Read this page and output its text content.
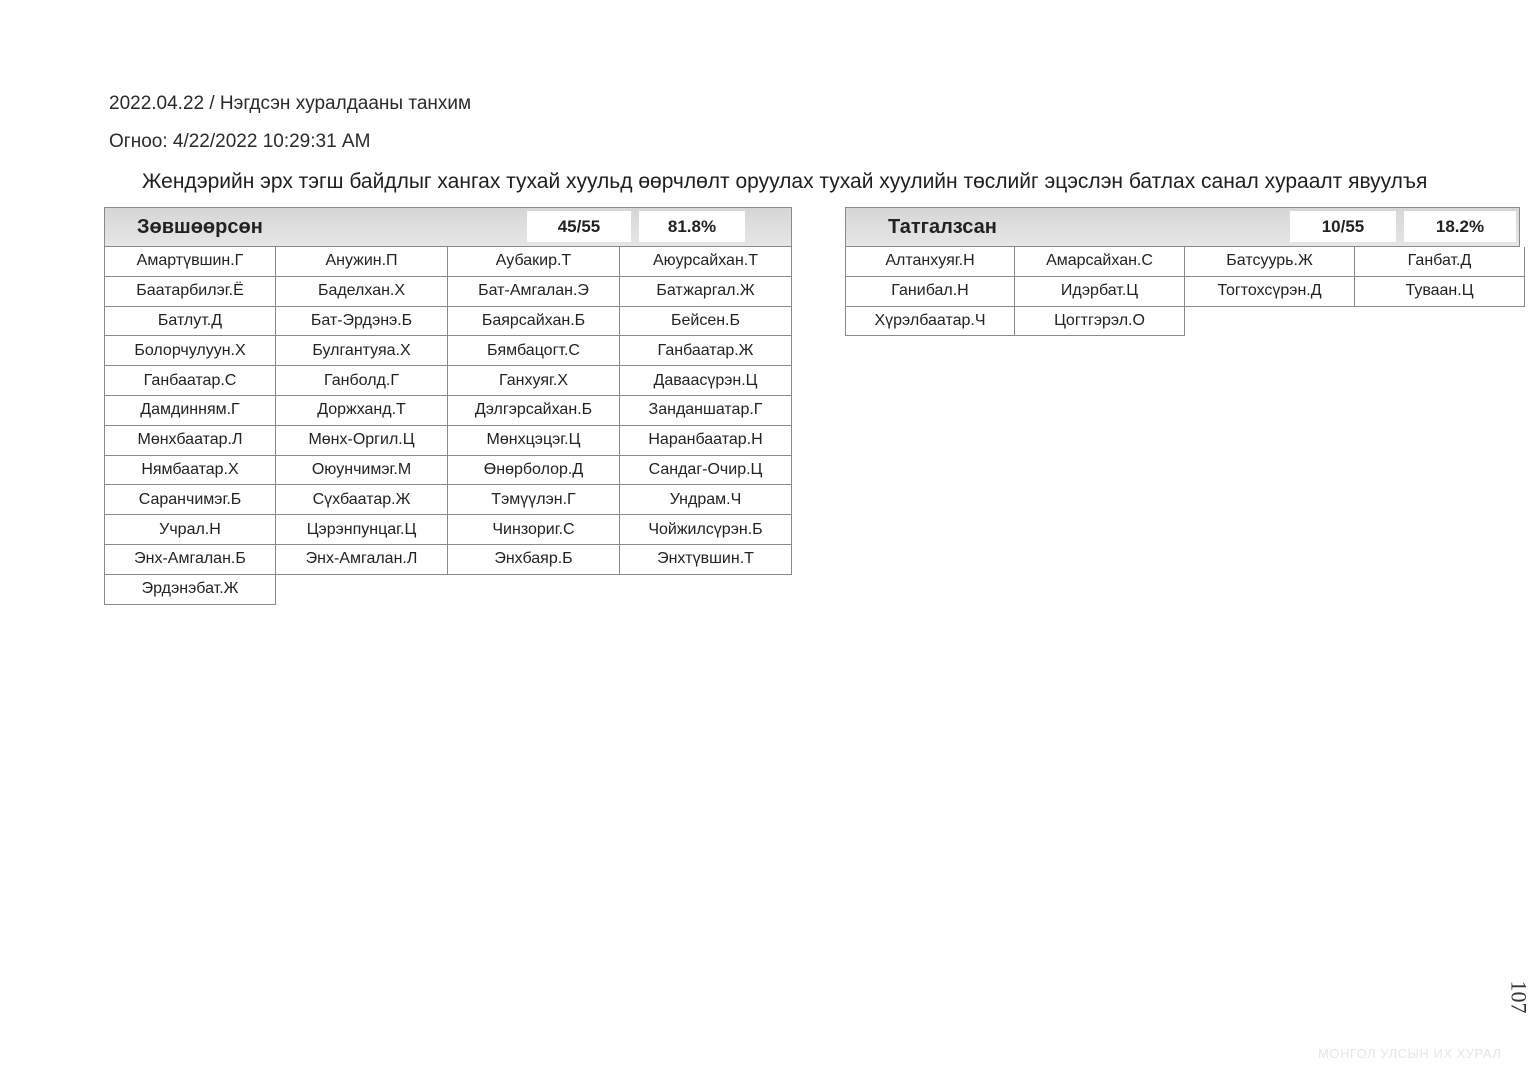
2022.04.22 / Нэгдсэн хуралдааны танхим
Огноо: 4/22/2022 10:29:31 AM
Жендэрийн эрх тэгш байдлыг хангах тухай хуульд өөрчлөлт оруулах тухай хуулийн төслийг эцэслэн батлах санал хураалт явуулъя
Зөвшөөрсөн	45/55	81.8%
Амартүвшин.Г	Анужин.П	Аубакир.Т	Аюурсайхан.Т
Баатарбилэг.Ё	Баделхан.Х	Бат-Амгалан.Э	Батжаргал.Ж
Батлут.Д	Бат-Эрдэнэ.Б	Баярсайхан.Б	Бейсен.Б
Болорчулуун.Х	Булгантуяа.Х	Бямбацогт.С	Ганбаатар.Ж
Ганбаатар.С	Ганболд.Г	Ганхуяг.Х	Даваасүрэн.Ц
Дамдинням.Г	Доржханд.Т	Дэлгэрсайхан.Б	Занданшатар.Г
Мөнхбаатар.Л	Мөнх-Оргил.Ц	Мөнхцэцэг.Ц	Наранбаатар.Н
Нямбаатар.Х	Оюунчимэг.М	Өнөрболор.Д	Сандаг-Очир.Ц
Саранчимэг.Б	Сүхбаатар.Ж	Тэмүүлэн.Г	Ундрам.Ч
Учрал.Н	Цэрэнпунцаг.Ц	Чинзориг.С	Чойжилсүрэн.Б
Энх-Амгалан.Б	Энх-Амгалан.Л	Энхбаяр.Б	Энхтүвшин.Т
Эрдэнэбат.Ж
Татгалзсан	10/55	18.2%
Алтанхуяг.Н	Амарсайхан.С	Батсуурь.Ж	Ганбат.Д
Ганибал.Н	Идэрбат.Ц	Тогтохсүрэн.Д	Туваан.Ц
Хүрэлбаатар.Ч	Цогтгэрэл.О
107
МОНГОЛ УЛСЫН ИХ ХУРАЛ
